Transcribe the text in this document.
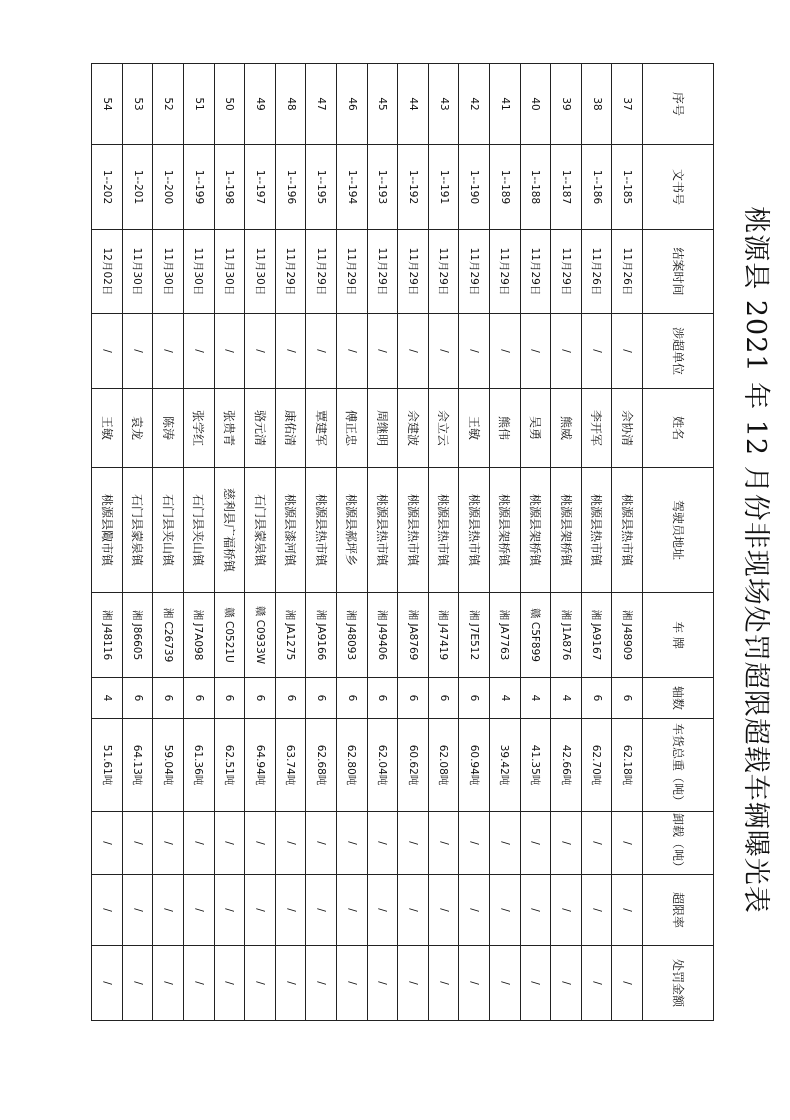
桃源县 2021 年 12 月份非现场处罚超限超载车辆曝光表
序号	文书号	结案时间	涉超单位	姓名	驾驶员地址	车 牌	轴数	车货总重（吨）	卸载（吨）	超限率	处罚金额
37	1--185	11月26日	/	佘协清	桃源县热市镇	湘 J48909	6	62.18吨	/	/	/
38	1--186	11月26日	/	李开军	桃源县热市镇	湘 JA9167	6	62.70吨	/	/	/
39	1--187	11月29日	/	熊威	桃源县架桥镇	湘 J1A876	4	42.66吨	/	/	/
40	1--188	11月29日	/	吴勇	桃源县架桥镇	赣 C5F899	4	41.35吨	/	/	/
41	1--189	11月29日	/	熊伟	桃源县架桥镇	湘 JA7763	4	39.42吨	/	/	/
42	1--190	11月29日	/	王敏	桃源县热市镇	湘 J7E512	6	60.94吨	/	/	/
43	1--191	11月29日	/	佘立云	桃源县热市镇	湘 J47419	6	62.08吨	/	/	/
44	1--192	11月29日	/	佘建波	桃源县热市镇	湘 JA8769	6	60.62吨	/	/	/
45	1--193	11月29日	/	周继明	桃源县热市镇	湘 J49406	6	62.04吨	/	/	/
46	1--194	11月29日	/	傅正忠	桃源县郝坪乡	湘 J48093	6	62.80吨	/	/	/
47	1--195	11月29日	/	覃建军	桃源县热市镇	湘 JA9166	6	62.68吨	/	/	/
48	1--196	11月29日	/	康佑清	桃源县漆河镇	湘 JA1275	6	63.74吨	/	/	/
49	1--197	11月30日	/	骆元清	石门县蒙泉镇	赣 C0933W	6	64.94吨	/	/	/
50	1--198	11月30日	/	张贵青	慈利县广福桥镇	赣 C0521U	6	62.51吨	/	/	/
51	1--199	11月30日	/	张学红	石门县夹山镇	湘 J7A098	6	61.36吨	/	/	/
52	1--200	11月30日	/	陈涛	石门县夹山镇	湘 C26739	6	59.04吨	/	/	/
53	1--201	11月30日	/	袁龙	石门县蒙泉镇	湘 J86605	6	64.13吨	/	/	/
54	1--202	12月02日	/	王敏	桃源县陬市镇	湘 J48116	4	51.61吨	/	/	/
